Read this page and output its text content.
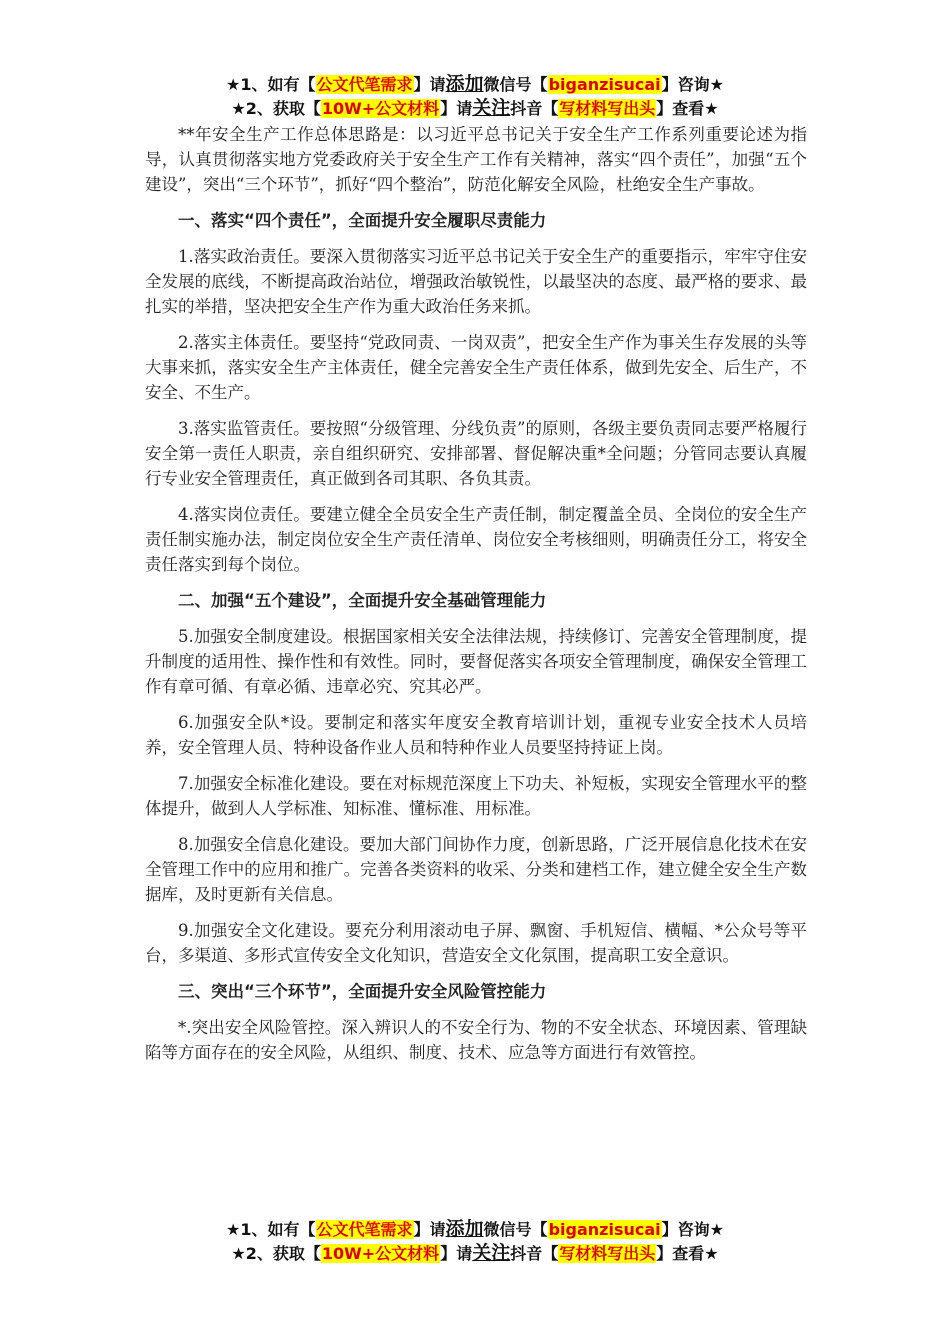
★1、如有【公文代笔需求】请添加微信号【biganzisucai】咨询★
★2、获取【10W+公文材料】请关注抖音【写材料写出头】查看★

**年安全生产工作总体思路是：以习近平总书记关于安全生产工作系列重要论述为指导，认真贯彻落实地方党委政府关于安全生产工作有关精神，落实“四个责任”，加强“五个建设”，突出“三个环节”，抓好“四个整治”，防范化解安全风险，杜绝安全生产事故。

一、落实“四个责任”，全面提升安全履职尽责能力

1.落实政治责任。要深入贯彻落实习近平总书记关于安全生产的重要指示，牢牢守住安全发展的底线，不断提高政治站位，增强政治敏锐性，以最坚决的态度、最严格的要求、最扎实的举措，坚决把安全生产作为重大政治任务来抓。

2.落实主体责任。要坚持“党政同责、一岗双责”，把安全生产作为事关生存发展的头等大事来抓，落实安全生产主体责任，健全完善安全生产责任体系，做到先安全、后生产，不安全、不生产。

3.落实监管责任。要按照“分级管理、分线负责”的原则，各级主要负责同志要严格履行安全第一责任人职责，亲自组织研究、安排部署、督促解决重*全问题；分管同志要认真履行专业安全管理责任，真正做到各司其职、各负其责。

4.落实岗位责任。要建立健全全员安全生产责任制，制定覆盖全员、全岗位的安全生产责任制实施办法，制定岗位安全生产责任清单、岗位安全考核细则，明确责任分工，将安全责任落实到每个岗位。

二、加强“五个建设”，全面提升安全基础管理能力

5.加强安全制度建设。根据国家相关安全法律法规，持续修订、完善安全管理制度，提升制度的适用性、操作性和有效性。同时，要督促落实各项安全管理制度，确保安全管理工作有章可循、有章必循、违章必究、究其必严。

6.加强安全队*设。要制定和落实年度安全教育培训计划，重视专业安全技术人员培养，安全管理人员、特种设备作业人员和特种作业人员要坚持持证上岗。

7.加强安全标准化建设。要在对标规范深度上下功夫、补短板，实现安全管理水平的整体提升，做到人人学标准、知标准、懂标准、用标准。

8.加强安全信息化建设。要加大部门间协作力度，创新思路，广泛开展信息化技术在安全管理工作中的应用和推广。完善各类资料的收采、分类和建档工作，建立健全安全生产数据库，及时更新有关信息。

9.加强安全文化建设。要充分利用滚动电子屏、飘窗、手机短信、横幅、*公众号等平台，多渠道、多形式宣传安全文化知识，营造安全文化氛围，提高职工安全意识。

三、突出“三个环节”，全面提升安全风险管控能力

*.突出安全风险管控。深入辨识人的不安全行为、物的不安全状态、环境因素、管理缺陷等方面存在的安全风险，从组织、制度、技术、应急等方面进行有效管控。

★1、如有【公文代笔需求】请添加微信号【biganzisucai】咨询★
★2、获取【10W+公文材料】请关注抖音【写材料写出头】查看★
